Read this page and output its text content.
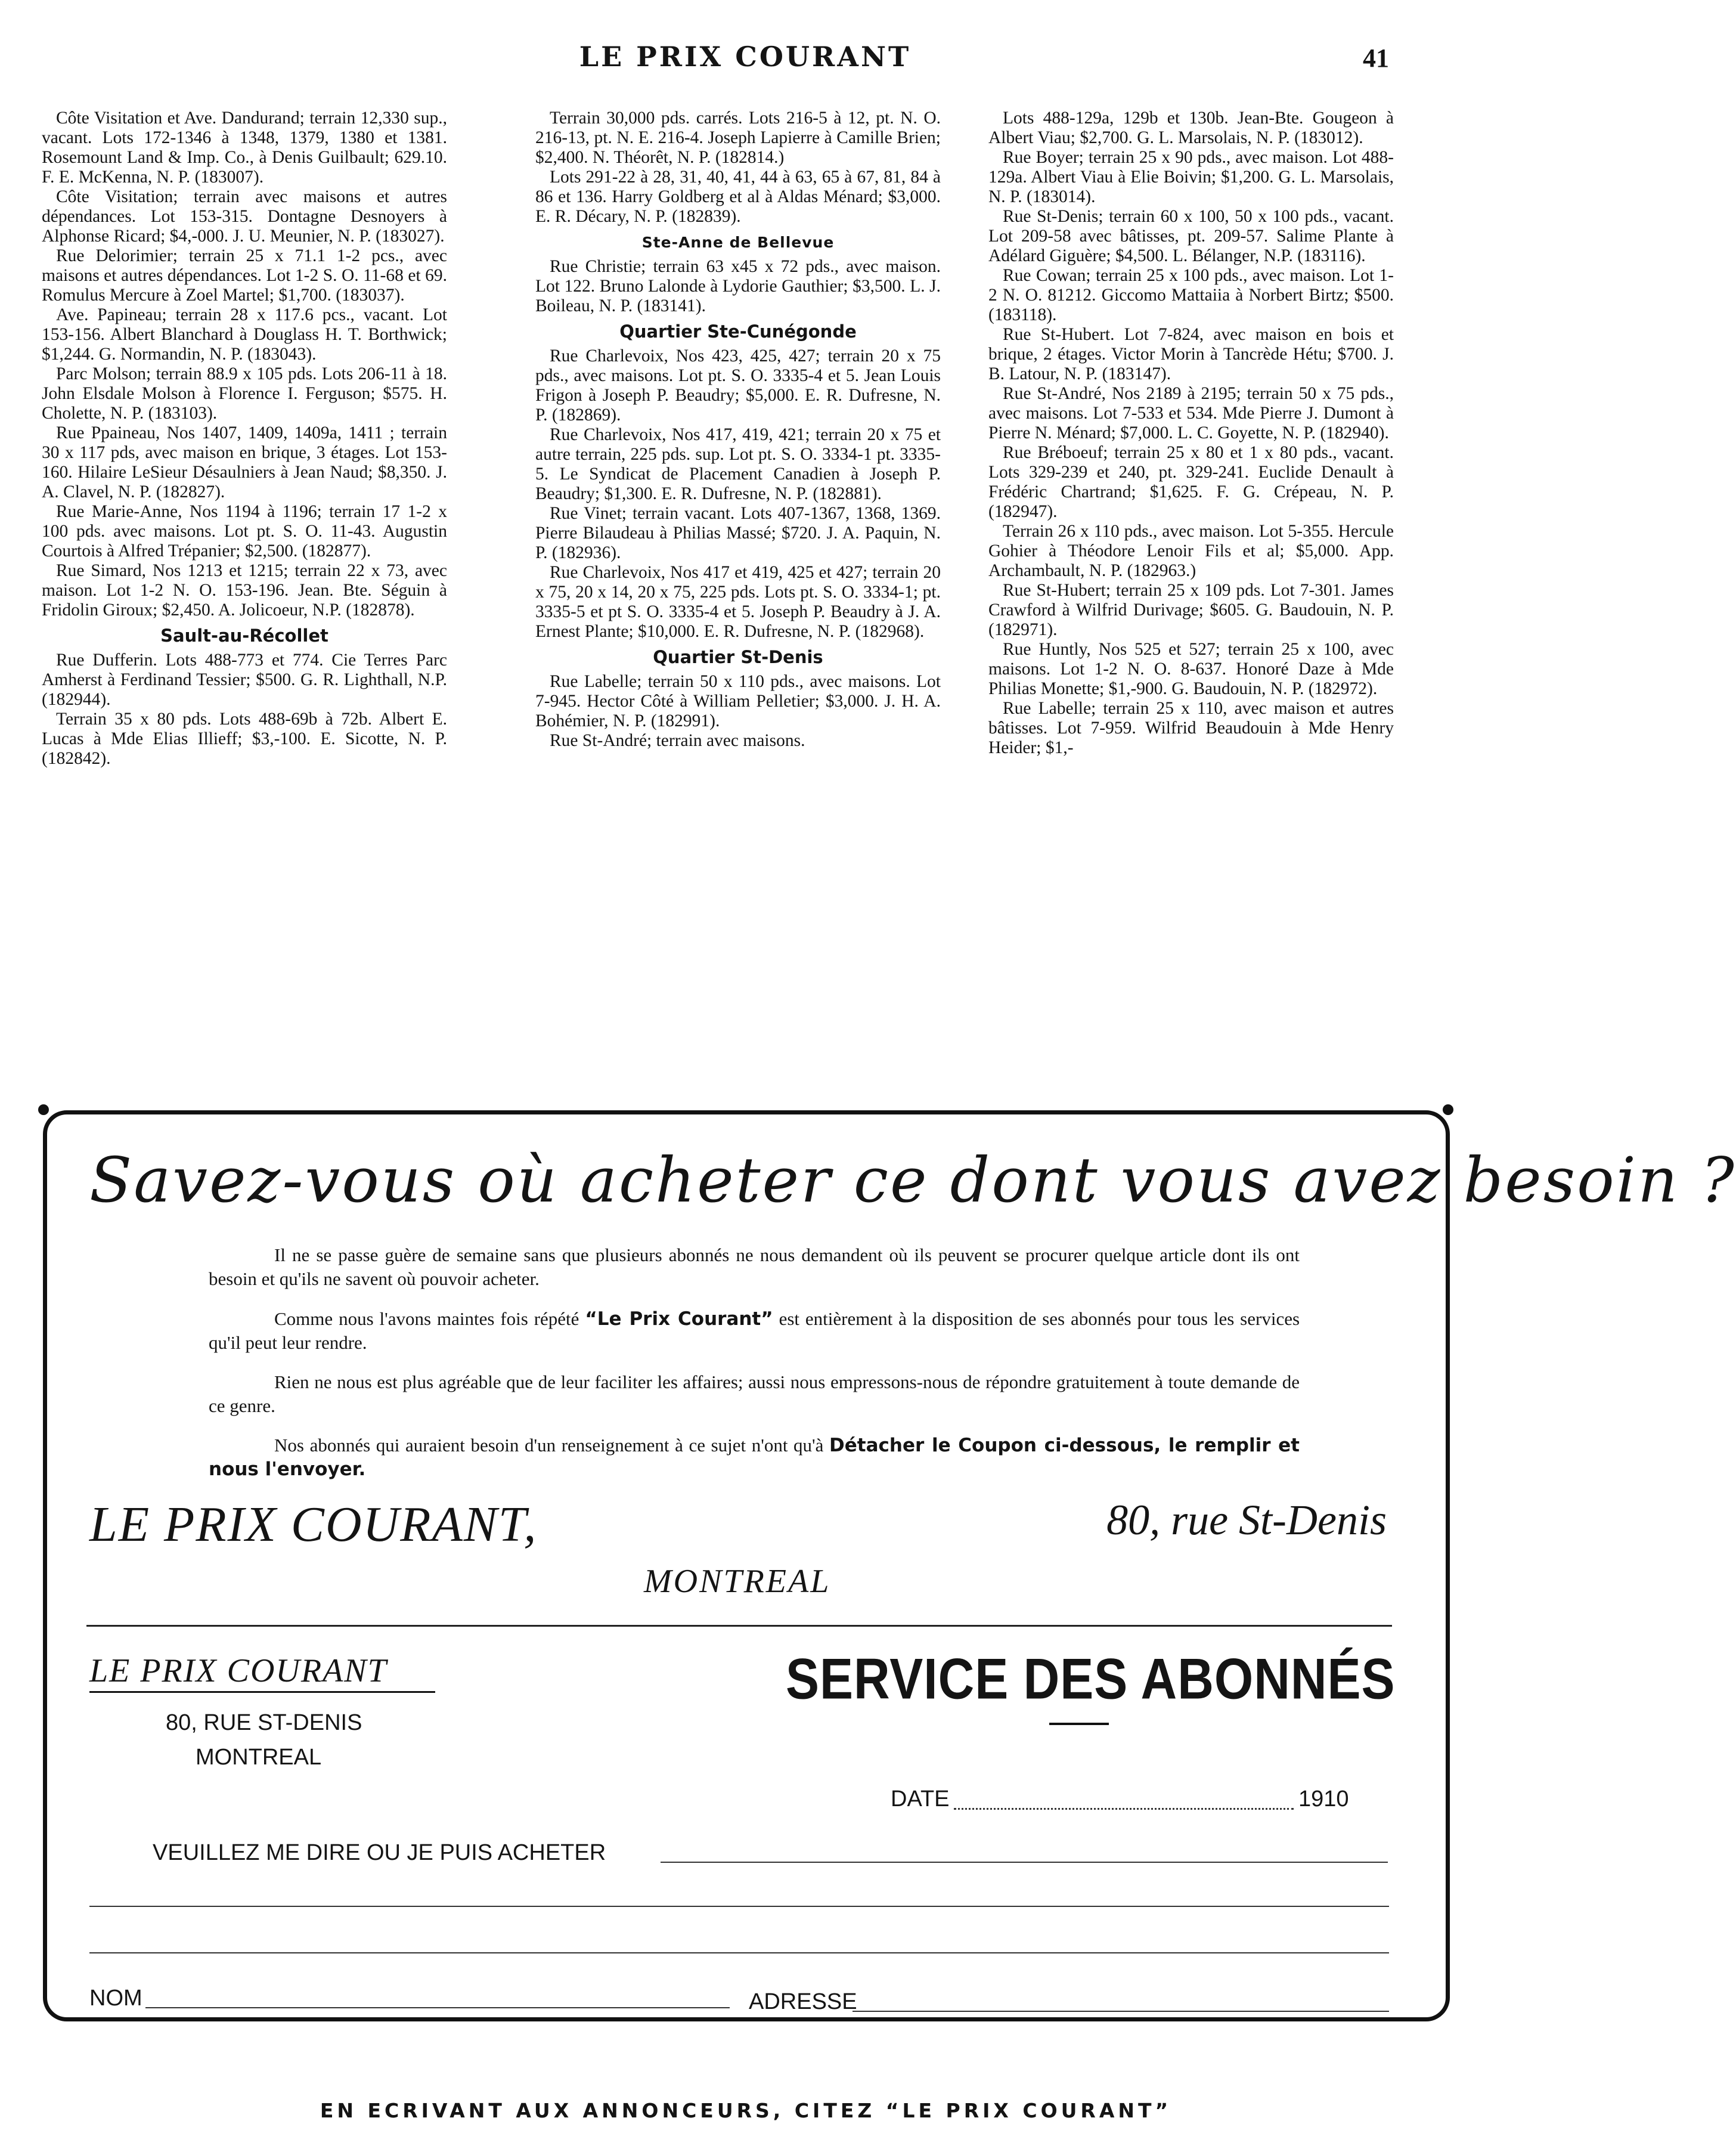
LE PRIX COURANT	41

Côte Visitation et Ave. Dandurand; terrain 12,330 sup., vacant. Lots 172-1346 à 1348, 1379, 1380 et 1381. Rosemount Land & Imp. Co., à Denis Guilbault; 629.10. F. E. McKenna, N. P. (183007).

Côte Visitation; terrain avec maisons et autres dépendances. Lot 153-315. Dontagne Desnoyers à Alphonse Ricard; $4,-000. J. U. Meunier, N. P. (183027).

Rue Delorimier; terrain 25 x 71.1 1-2 pcs., avec maisons et autres dépendances. Lot 1-2 S. O. 11-68 et 69. Romulus Mercure à Zoel Martel; $1,700. (183037).

Ave. Papineau; terrain 28 x 117.6 pcs., vacant. Lot 153-156. Albert Blanchard à Douglass H. T. Borthwick; $1,244. G. Normandin, N. P. (183043).

Parc Molson; terrain 88.9 x 105 pds. Lots 206-11 à 18. John Elsdale Molson à Florence I. Ferguson; $575. H. Cholette, N. P. (183103).

Rue Ppaineau, Nos 1407, 1409, 1409a, 1411 ; terrain 30 x 117 pds, avec maison en brique, 3 étages. Lot 153-160. Hilaire LeSieur Désaulniers à Jean Naud; $8,350. J. A. Clavel, N. P. (182827).

Rue Marie-Anne, Nos 1194 à 1196; terrain 17 1-2 x 100 pds. avec maisons. Lot pt. S. O. 11-43. Augustin Courtois à Alfred Trépanier; $2,500. (182877).

Rue Simard, Nos 1213 et 1215; terrain 22 x 73, avec maison. Lot 1-2 N. O. 153-196. Jean. Bte. Séguin à Fridolin Giroux; $2,450. A. Jolicoeur, N.P. (182878).

Sault-au-Récollet

Rue Dufferin. Lots 488-773 et 774. Cie Terres Parc Amherst à Ferdinand Tessier; $500. G. R. Lighthall, N.P. (182944).

Terrain 35 x 80 pds. Lots 488-69b à 72b. Albert E. Lucas à Mde Elias Illieff; $3,-100. E. Sicotte, N. P. (182842).

Terrain 30,000 pds. carrés. Lots 216-5 à 12, pt. N. O. 216-13, pt. N. E. 216-4. Joseph Lapierre à Camille Brien; $2,400. N. Théorêt, N. P. (182814.)

Lots 291-22 à 28, 31, 40, 41, 44 à 63, 65 à 67, 81, 84 à 86 et 136. Harry Goldberg et al à Aldas Ménard; $3,000. E. R. Décary, N. P. (182839).

Ste-Anne de Bellevue

Rue Christie; terrain 63 x45 x 72 pds., avec maison. Lot 122. Bruno Lalonde à Lydorie Gauthier; $3,500. L. J. Boileau, N. P. (183141).

Quartier Ste-Cunégonde

Rue Charlevoix, Nos 423, 425, 427; terrain 20 x 75 pds., avec maisons. Lot pt. S. O. 3335-4 et 5. Jean Louis Frigon à Joseph P. Beaudry; $5,000. E. R. Dufresne, N. P. (182869).

Rue Charlevoix, Nos 417, 419, 421; terrain 20 x 75 et autre terrain, 225 pds. sup. Lot pt. S. O. 3334-1 pt. 3335-5. Le Syndicat de Placement Canadien à Joseph P. Beaudry; $1,300. E. R. Dufresne, N. P. (182881).

Rue Vinet; terrain vacant. Lots 407-1367, 1368, 1369. Pierre Bilaudeau à Philias Massé; $720. J. A. Paquin, N. P. (182936).

Rue Charlevoix, Nos 417 et 419, 425 et 427; terrain 20 x 75, 20 x 14, 20 x 75, 225 pds. Lots pt. S. O. 3334-1; pt. 3335-5 et pt S. O. 3335-4 et 5. Joseph P. Beaudry à J. A. Ernest Plante; $10,000. E. R. Dufresne, N. P. (182968).

Quartier St-Denis

Rue Labelle; terrain 50 x 110 pds., avec maisons. Lot 7-945. Hector Côté à William Pelletier; $3,000. J. H. A. Bohémier, N. P. (182991).

Rue St-André; terrain avec maisons.

Lots 488-129a, 129b et 130b. Jean-Bte. Gougeon à Albert Viau; $2,700. G. L. Marsolais, N. P. (183012).

Rue Boyer; terrain 25 x 90 pds., avec maison. Lot 488-129a. Albert Viau à Elie Boivin; $1,200. G. L. Marsolais, N. P. (183014).

Rue St-Denis; terrain 60 x 100, 50 x 100 pds., vacant. Lot 209-58 avec bâtisses, pt. 209-57. Salime Plante à Adélard Giguère; $4,500. L. Bélanger, N.P. (183116).

Rue Cowan; terrain 25 x 100 pds., avec maison. Lot 1-2 N. O. 81212. Giccomo Mattaiia à Norbert Birtz; $500. (183118).

Rue St-Hubert. Lot 7-824, avec maison en bois et brique, 2 étages. Victor Morin à Tancrède Hétu; $700. J. B. Latour, N. P. (183147).

Rue St-André, Nos 2189 à 2195; terrain 50 x 75 pds., avec maisons. Lot 7-533 et 534. Mde Pierre J. Dumont à Pierre N. Ménard; $7,000. L. C. Goyette, N. P. (182940).

Rue Bréboeuf; terrain 25 x 80 et 1 x 80 pds., vacant. Lots 329-239 et 240, pt. 329-241. Euclide Denault à Frédéric Chartrand; $1,625. F. G. Crépeau, N. P. (182947).

Terrain 26 x 110 pds., avec maison. Lot 5-355. Hercule Gohier à Théodore Lenoir Fils et al; $5,000. App. Archambault, N. P. (182963.)

Rue St-Hubert; terrain 25 x 109 pds. Lot 7-301. James Crawford à Wilfrid Durivage; $605. G. Baudouin, N. P. (182971).

Rue Huntly, Nos 525 et 527; terrain 25 x 100, avec maisons. Lot 1-2 N. O. 8-637. Honoré Daze à Mde Philias Monette; $1,-900. G. Baudouin, N. P. (182972).

Rue Labelle; terrain 25 x 110, avec maison et autres bâtisses. Lot 7-959. Wilfrid Beaudouin à Mde Henry Heider; $1,-

Savez-vous où acheter ce dont vous avez besoin ?
Il ne se passe guère de semaine sans que plusieurs abonnés ne nous demandent où ils peuvent se procurer quelque article dont ils ont besoin et qu'ils ne savent où pouvoir acheter.
Comme nous l'avons maintes fois répété “Le Prix Courant” est entièrement à la disposition de ses abonnés pour tous les services qu'il peut leur rendre.
Rien ne nous est plus agréable que de leur faciliter les affaires; aussi nous empressons-nous de répondre gratuitement à toute demande de ce genre.
Nos abonnés qui auraient besoin d'un renseignement à ce sujet n'ont qu'à Détacher le Coupon ci-dessous, le remplir et nous l'envoyer.
LE PRIX COURANT,	80, rue St-Denis
MONTREAL
LE PRIX COURANT
80, RUE ST-DENIS
MONTREAL
SERVICE DES ABONNÉS
DATE	1910
VEUILLEZ ME DIRE OU JE PUIS ACHETER
NOM	ADRESSE
EN ECRIVANT AUX ANNONCEURS, CITEZ “LE PRIX COURANT”
